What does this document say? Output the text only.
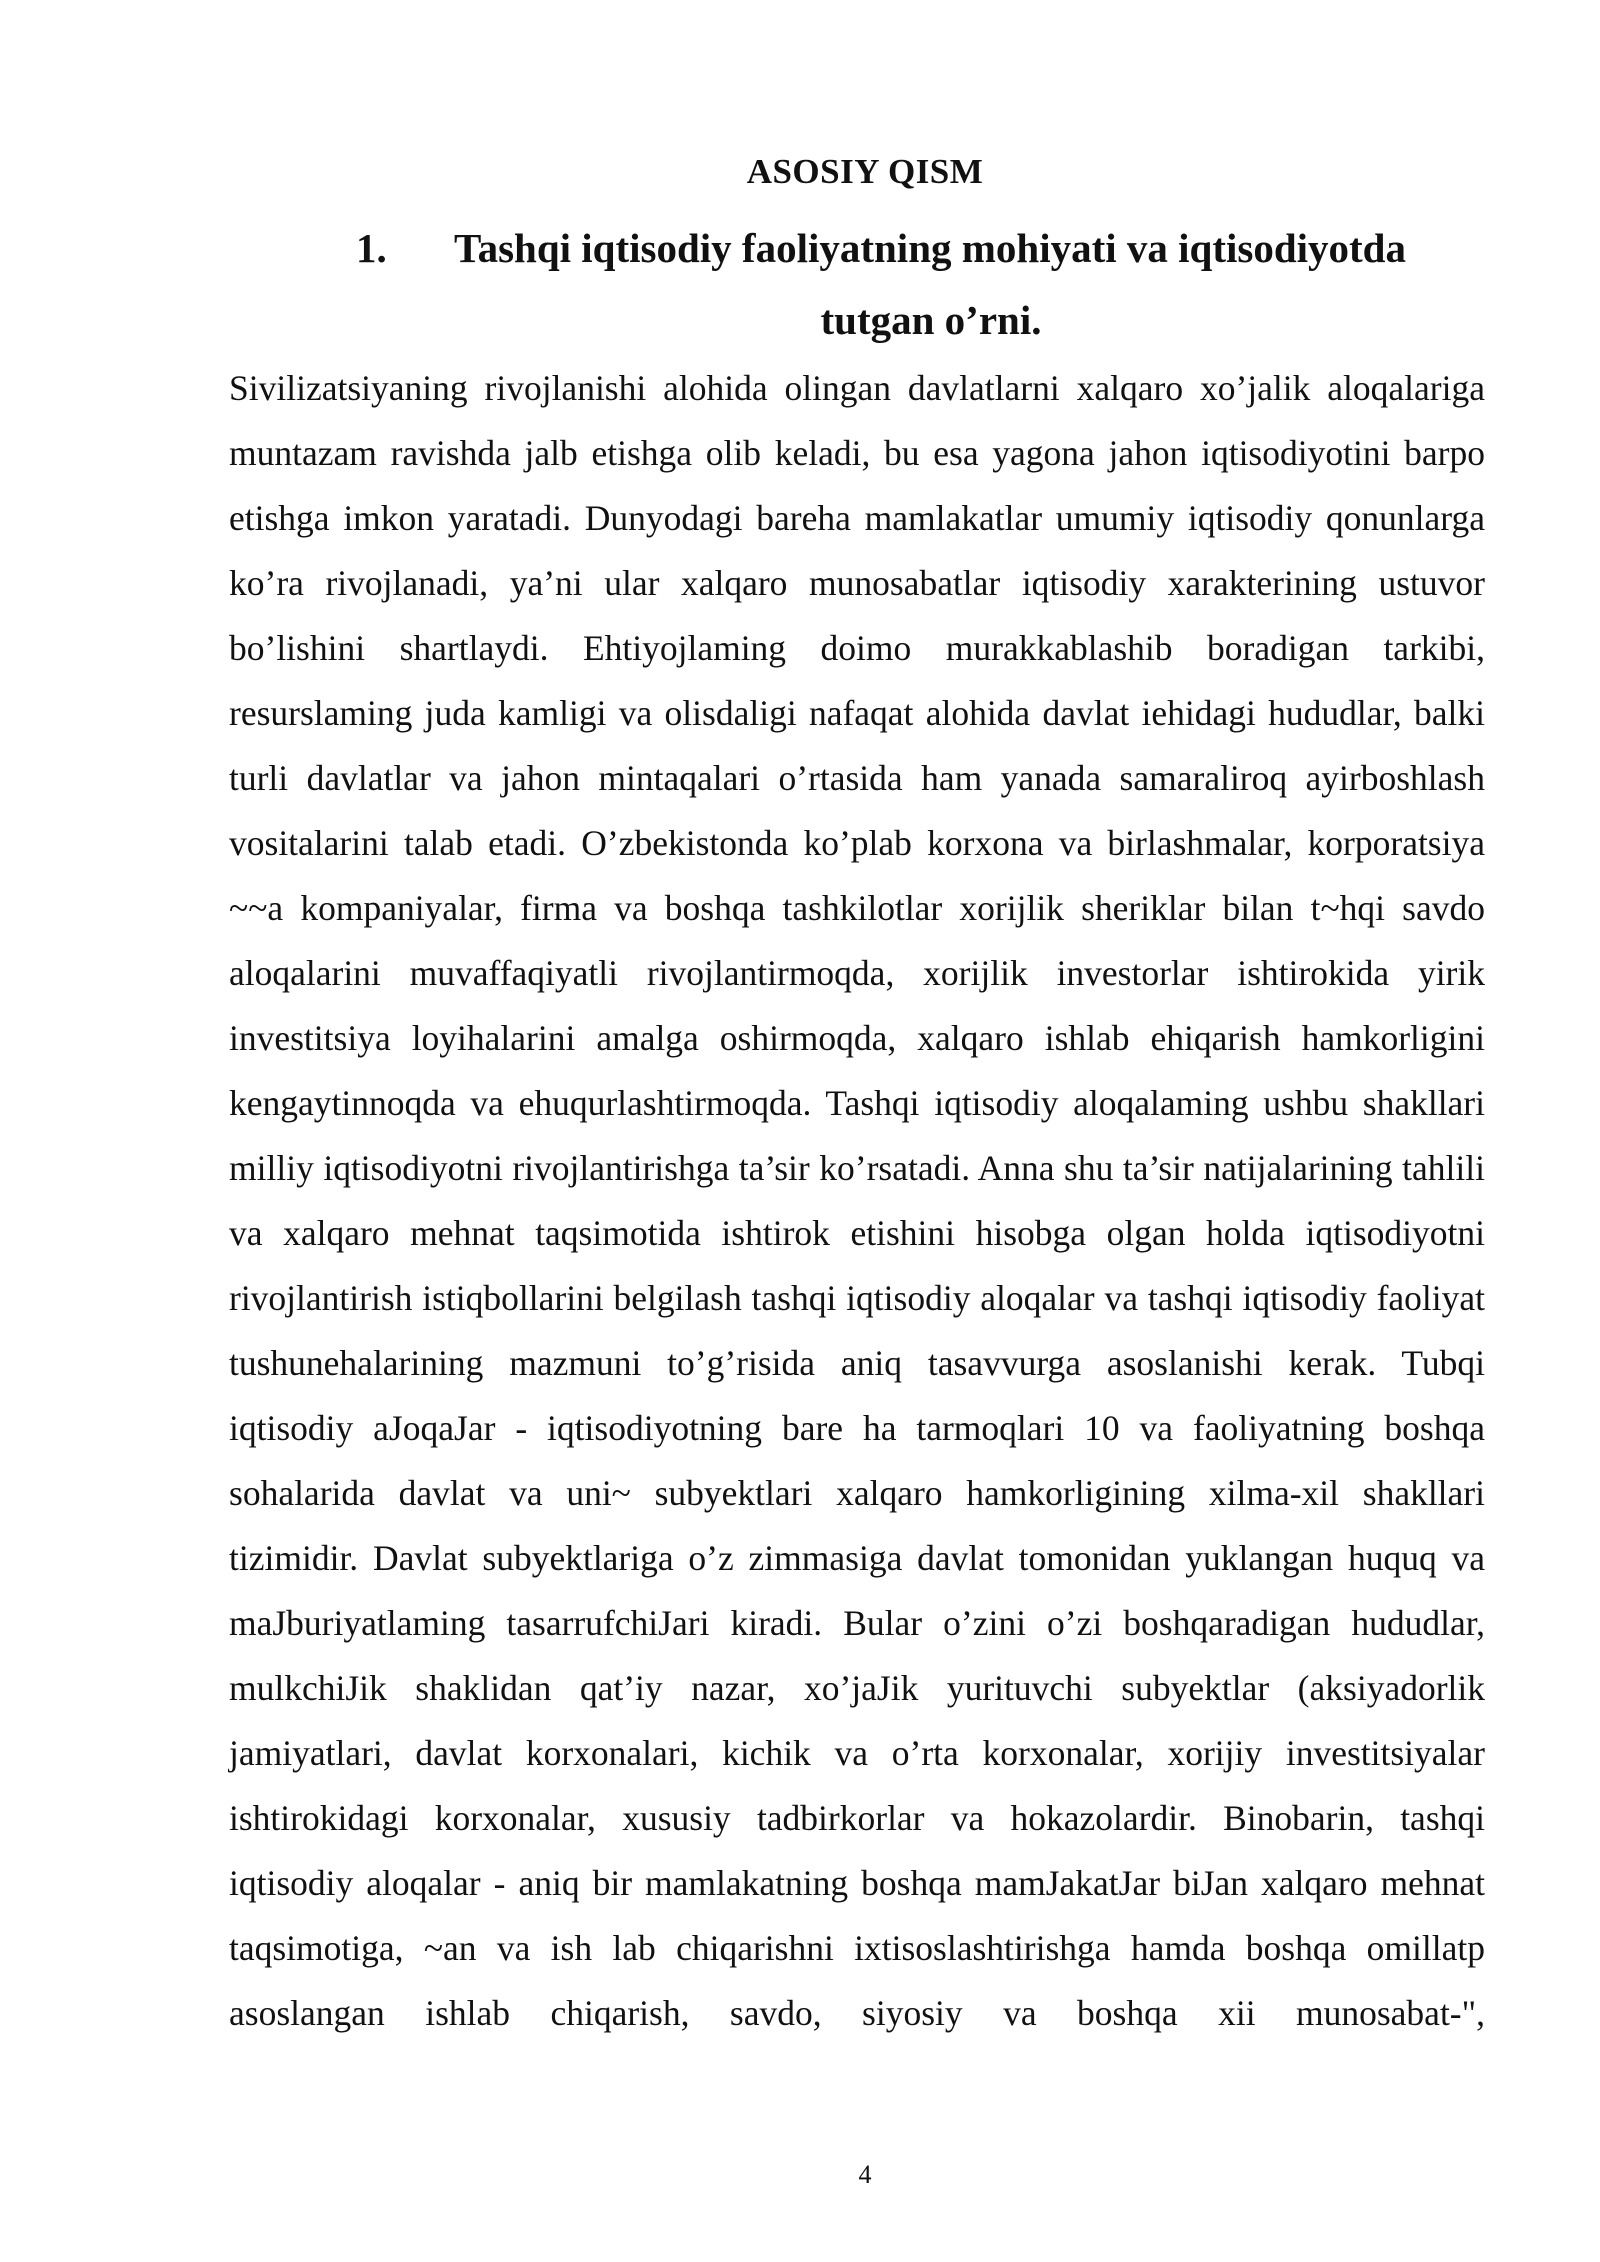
ASOSIY QISM
1.	Tashqi iqtisodiy faoliyatning mohiyati va iqtisodiyotda
tutgan o’rni.

Sivilizatsiyaning rivojlanishi alohida olingan davlatlarni xalqaro xo’jalik aloqalariga muntazam ravishda jalb etishga olib keladi, bu esa yagona jahon iqtisodiyotini barpo etishga imkon yaratadi. Dunyodagi bareha mamlakatlar umumiy iqtisodiy qonunlarga ko’ra rivojlanadi, ya’ni ular xalqaro munosabatlar iqtisodiy xarakterining ustuvor bo’lishini shartlaydi. Ehtiyojlaming doimo murakkablashib boradigan tarkibi, resurslaming juda kamligi va olisdaligi nafaqat alohida davlat iehidagi hududlar, balki turli davlatlar va jahon mintaqalari o’rtasida ham yanada samaraliroq ayirboshlash vositalarini talab etadi. O’zbekistonda ko’plab korxona va birlashmalar, korporatsiya ~~a kompaniyalar, firma va boshqa tashkilotlar xorijlik sheriklar bilan t~hqi savdo aloqalarini muvaffaqiyatli rivojlantirmoqda, xorijlik investorlar ishtirokida yirik investitsiya loyihalarini amalga oshirmoqda, xalqaro ishlab ehiqarish hamkorligini kengaytinnoqda va ehuqurlashtirmoqda. Tashqi iqtisodiy aloqalaming ushbu shakllari milliy iqtisodiyotni rivojlantirishga ta’sir ko’rsatadi. Anna shu ta’sir natijalarining tahlili va xalqaro mehnat taqsimotida ishtirok etishini hisobga olgan holda iqtisodiyotni rivojlantirish istiqbollarini belgilash tashqi iqtisodiy aloqalar va tashqi iqtisodiy faoliyat tushunehalarining mazmuni to’g’risida aniq tasavvurga asoslanishi kerak. Tubqi iqtisodiy aJoqaJar - iqtisodiyotning bare ha tarmoqlari 10 va faoliyatning boshqa sohalarida davlat va uni~ subyektlari xalqaro hamkorligining xilma-xil shakllari tizimidir. Davlat subyektlariga o’z zimmasiga davlat tomonidan yuklangan huquq va maJburiyatlaming tasarrufchiJari kiradi. Bular o’zini o’zi boshqaradigan hududlar, mulkchiJik shaklidan qat’iy nazar, xo’jaJik yurituvchi subyektlar (aksiyadorlik jamiyatlari, davlat korxonalari, kichik va o’rta korxonalar, xorijiy investitsiyalar ishtirokidagi korxonalar, xususiy tadbirkorlar va hokazolardir. Binobarin, tashqi iqtisodiy aloqalar - aniq bir mamlakatning boshqa mamJakatJar biJan xalqaro mehnat taqsimotiga, ~an va ish lab chiqarishni ixtisoslashtirishga hamda boshqa omillatp asoslangan ishlab chiqarish, savdo, siyosiy va boshqa xii munosabat-",

4
